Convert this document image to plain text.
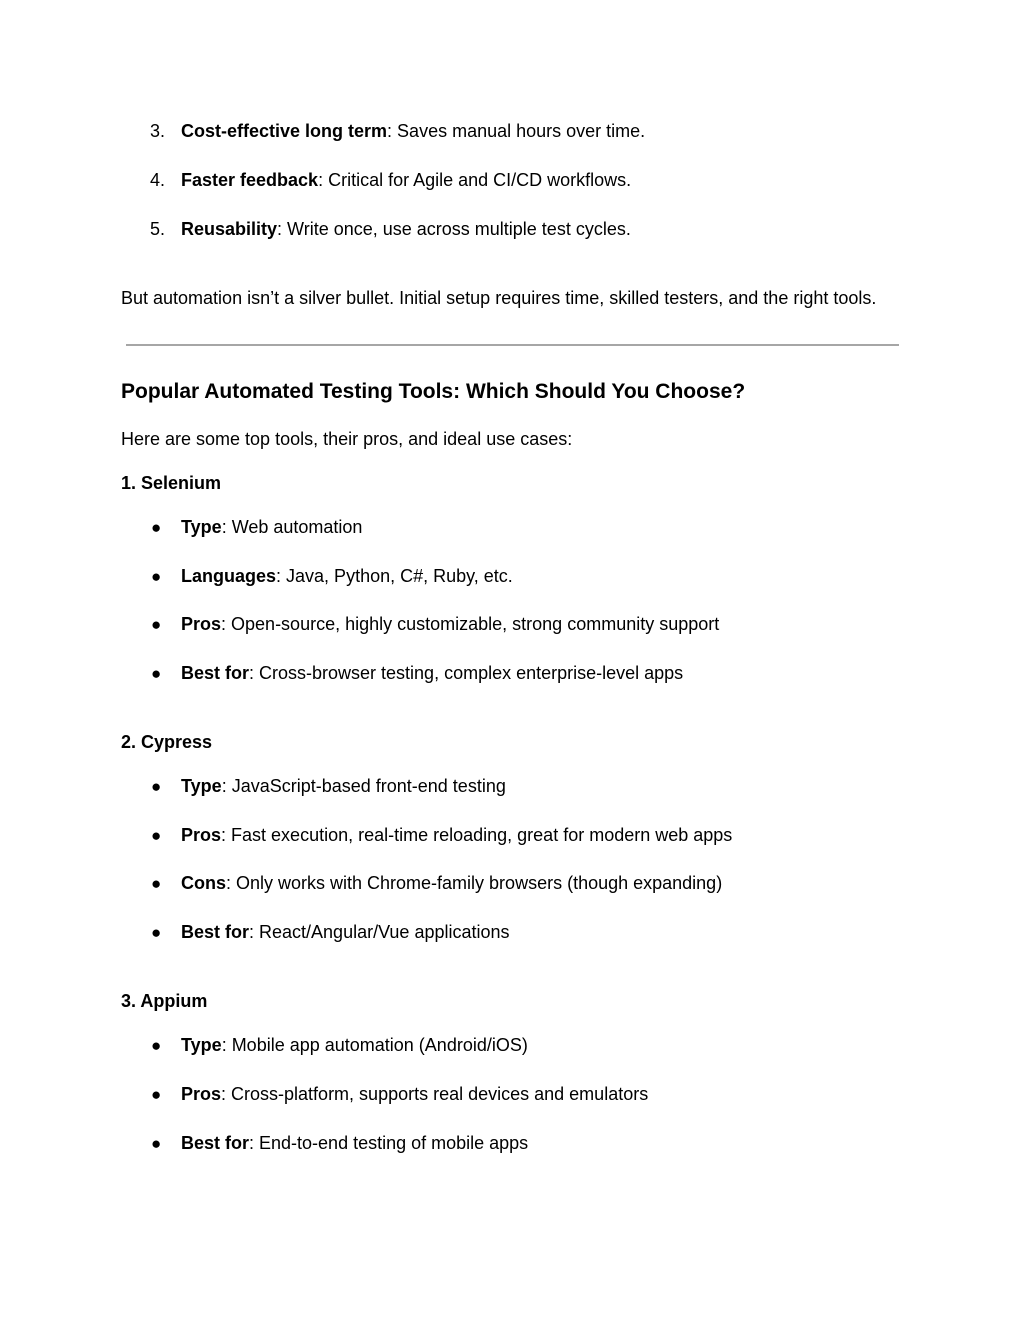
3. Cost-effective long term: Saves manual hours over time.
4. Faster feedback: Critical for Agile and CI/CD workflows.
5. Reusability: Write once, use across multiple test cycles.

But automation isn’t a silver bullet. Initial setup requires time, skilled testers, and the right tools.

Popular Automated Testing Tools: Which Should You Choose?

Here are some top tools, their pros, and ideal use cases:

1. Selenium
● Type: Web automation
● Languages: Java, Python, C#, Ruby, etc.
● Pros: Open-source, highly customizable, strong community support
● Best for: Cross-browser testing, complex enterprise-level apps
2. Cypress
● Type: JavaScript-based front-end testing
● Pros: Fast execution, real-time reloading, great for modern web apps
● Cons: Only works with Chrome-family browsers (though expanding)
● Best for: React/Angular/Vue applications
3. Appium
● Type: Mobile app automation (Android/iOS)
● Pros: Cross-platform, supports real devices and emulators
● Best for: End-to-end testing of mobile apps
